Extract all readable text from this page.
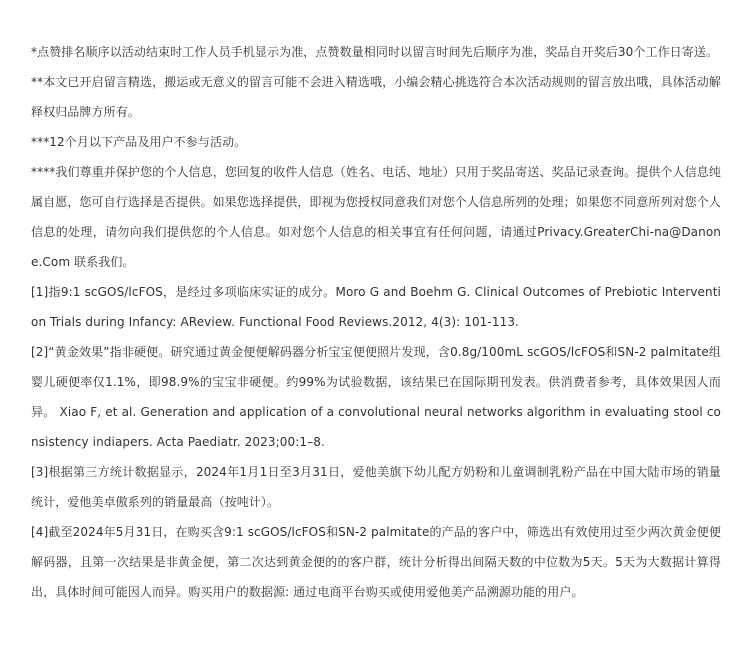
*点赞排名顺序以活动结束时工作人员手机显示为准，点赞数量相同时以留言时间先后顺序为准，奖品自开奖后30个工作日寄送。

**本文已开启留言精选，搬运或无意义的留言可能不会进入精选哦，小编会精心挑选符合本次活动规则的留言放出哦，具体活动解释权归品牌方所有。

***12个月以下产品及用户不参与活动。

****我们尊重并保护您的个人信息，您回复的收件人信息（姓名、电话、地址）只用于奖品寄送、奖品记录查询。提供个人信息纯属自愿，您可自行选择是否提供。如果您选择提供，即视为您授权同意我们对您个人信息所列的处理；如果您不同意所列对您个人信息的处理，请勿向我们提供您的个人信息。如对您个人信息的相关事宜有任何问题，请通过Privacy.GreaterChi-na@Danone.Com 联系我们。

[1]指9:1 scGOS/lcFOS，是经过多项临床实证的成分。Moro G and Boehm G. Clinical Outcomes of Prebiotic Intervention Trials during Infancy: AReview. Functional Food Reviews.2012, 4(3): 101-113.

[2]“黄金效果”指非硬便。研究通过黄金便便解码器分析宝宝便便照片发现，含0.8g/100mL scGOS/lcFOS和SN-2 palmitate组婴儿硬便率仅1.1%，即98.9%的宝宝非硬便。约99%为试验数据，该结果已在国际期刊发表。供消费者参考，具体效果因人而异。 Xiao F, et al. Generation and application of a convolutional neural networks algorithm in evaluating stool consistency indiapers. Acta Paediatr. 2023;00:1–8.

[3]根据第三方统计数据显示，2024年1月1日至3月31日，爱他美旗下幼儿配方奶粉和儿童调制乳粉产品在中国大陆市场的销量统计，爱他美卓傲系列的销量最高（按吨计）。

[4]截至2024年5月31日，在购买含9:1 scGOS/lcFOS和SN-2 palmitate的产品的客户中，筛选出有效使用过至少两次黄金便便解码器，且第一次结果是非黄金便，第二次达到黄金便的的客户群，统计分析得出间隔天数的中位数为5天。5天为大数据计算得出，具体时间可能因人而异。购买用户的数据源: 通过电商平台购买或使用爱他美产品溯源功能的用户。
